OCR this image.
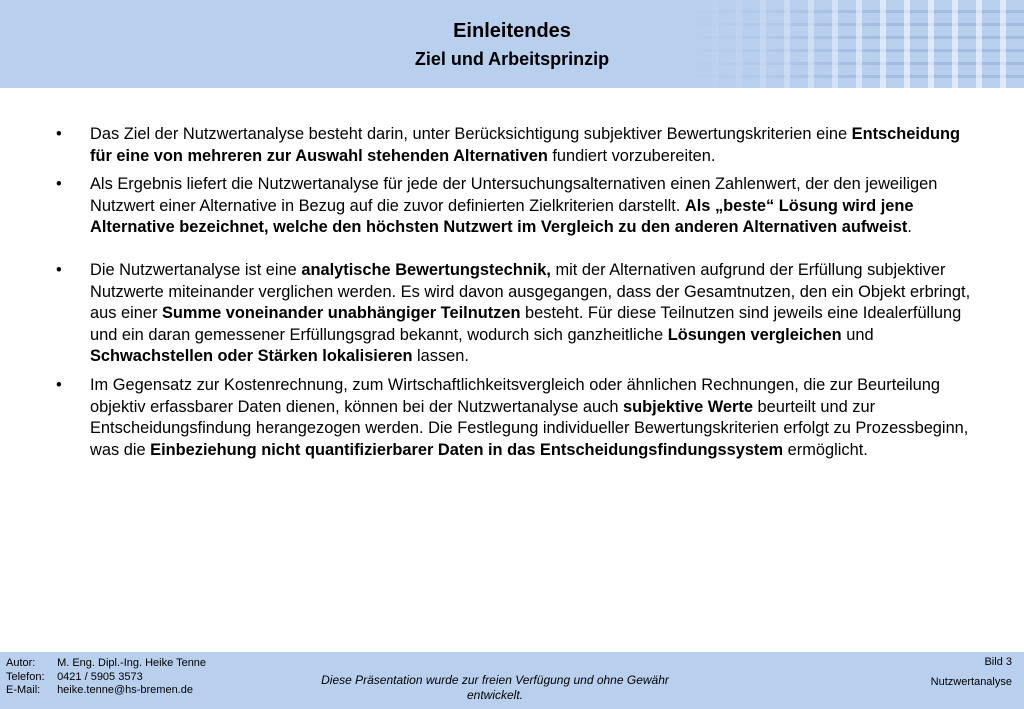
Einleitendes
Ziel und Arbeitsprinzip
•	Das Ziel der Nutzwertanalyse besteht darin, unter Berücksichtigung subjektiver Bewertungskriterien eine Entscheidung für eine von mehreren zur Auswahl stehenden Alternativen fundiert vorzubereiten.
•	Als Ergebnis liefert die Nutzwertanalyse für jede der Untersuchungsalternativen einen Zahlenwert, der den jeweiligen Nutzwert einer Alternative in Bezug auf die zuvor definierten Zielkriterien darstellt. Als „beste“ Lösung wird jene Alternative bezeichnet, welche den höchsten Nutzwert im Vergleich zu den anderen Alternativen aufweist.
•	Die Nutzwertanalyse ist eine analytische Bewertungstechnik, mit der Alternativen aufgrund der Erfüllung subjektiver Nutzwerte miteinander verglichen werden. Es wird davon ausgegangen, dass der Gesamtnutzen, den ein Objekt erbringt, aus einer Summe voneinander unabhängiger Teilnutzen besteht. Für diese Teilnutzen sind jeweils eine Idealerfüllung und ein daran gemessener Erfüllungsgrad bekannt, wodurch sich ganzheitliche Lösungen vergleichen und Schwachstellen oder Stärken lokalisieren lassen.
•	Im Gegensatz zur Kostenrechnung, zum Wirtschaftlichkeitsvergleich oder ähnlichen Rechnungen, die zur Beurteilung objektiv erfassbarer Daten dienen, können bei der Nutzwertanalyse auch subjektive Werte beurteilt und zur Entscheidungsfindung herangezogen werden. Die Festlegung individueller Bewertungskriterien erfolgt zu Prozessbeginn, was die Einbeziehung nicht quantifizierbarer Daten in das Entscheidungsfindungssystem ermöglicht.
Autor: M. Eng. Dipl.-Ing. Heike Tenne
Telefon: 0421 / 5905 3573
E-Mail: heike.tenne@hs-bremen.de
Diese Präsentation wurde zur freien Verfügung und ohne Gewähr
entwickelt.
Bild 3
Nutzwertanalyse
